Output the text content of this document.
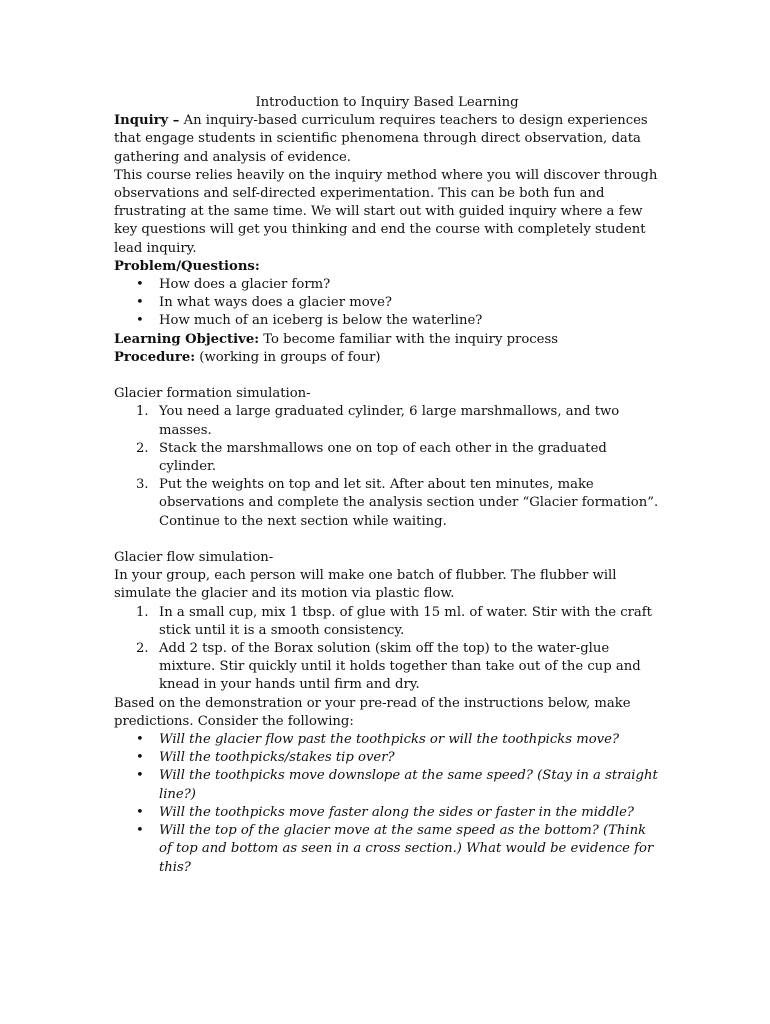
Introduction to Inquiry Based Learning

Inquiry – An inquiry-based curriculum requires teachers to design experiences that engage students in scientific phenomena through direct observation, data gathering and analysis of evidence.

This course relies heavily on the inquiry method where you will discover through observations and self-directed experimentation. This can be both fun and frustrating at the same time. We will start out with guided inquiry where a few key questions will get you thinking and end the course with completely student lead inquiry.

Problem/Questions:

• How does a glacier form?
• In what ways does a glacier move?
• How much of an iceberg is below the waterline?

Learning Objective: To become familiar with the inquiry process

Procedure: (working in groups of four)

Glacier formation simulation-

1. You need a large graduated cylinder, 6 large marshmallows, and two masses.
2. Stack the marshmallows one on top of each other in the graduated cylinder.
3. Put the weights on top and let sit. After about ten minutes, make observations and complete the analysis section under “Glacier formation”. Continue to the next section while waiting.

Glacier flow simulation-

In your group, each person will make one batch of flubber. The flubber will simulate the glacier and its motion via plastic flow.

1. In a small cup, mix 1 tbsp. of glue with 15 ml. of water. Stir with the craft stick until it is a smooth consistency.
2. Add 2 tsp. of the Borax solution (skim off the top) to the water-glue mixture. Stir quickly until it holds together than take out of the cup and knead in your hands until firm and dry.

Based on the demonstration or your pre-read of the instructions below, make predictions. Consider the following:

• Will the glacier flow past the toothpicks or will the toothpicks move?
• Will the toothpicks/stakes tip over?
• Will the toothpicks move downslope at the same speed? (Stay in a straight line?)
• Will the toothpicks move faster along the sides or faster in the middle?
• Will the top of the glacier move at the same speed as the bottom? (Think of top and bottom as seen in a cross section.) What would be evidence for this?
